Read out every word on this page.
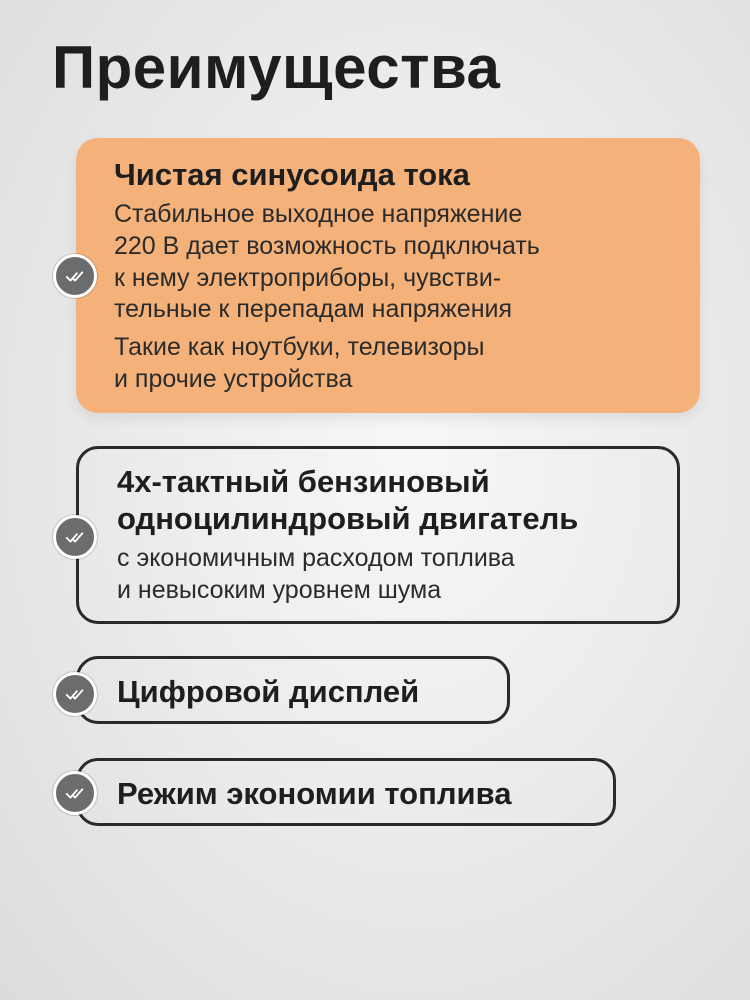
Преимущества

Чистая синусоида тока

Стабильное выходное напряжение
220 В дает возможность подключать
к нему электроприборы, чувстви-
тельные к перепадам напряжения

Такие как ноутбуки, телевизоры
и прочие устройства

4х-тактный бензиновый
одноцилиндровый двигатель

с экономичным расходом топлива
и невысоким уровнем шума

Цифровой дисплей

Режим экономии топлива
